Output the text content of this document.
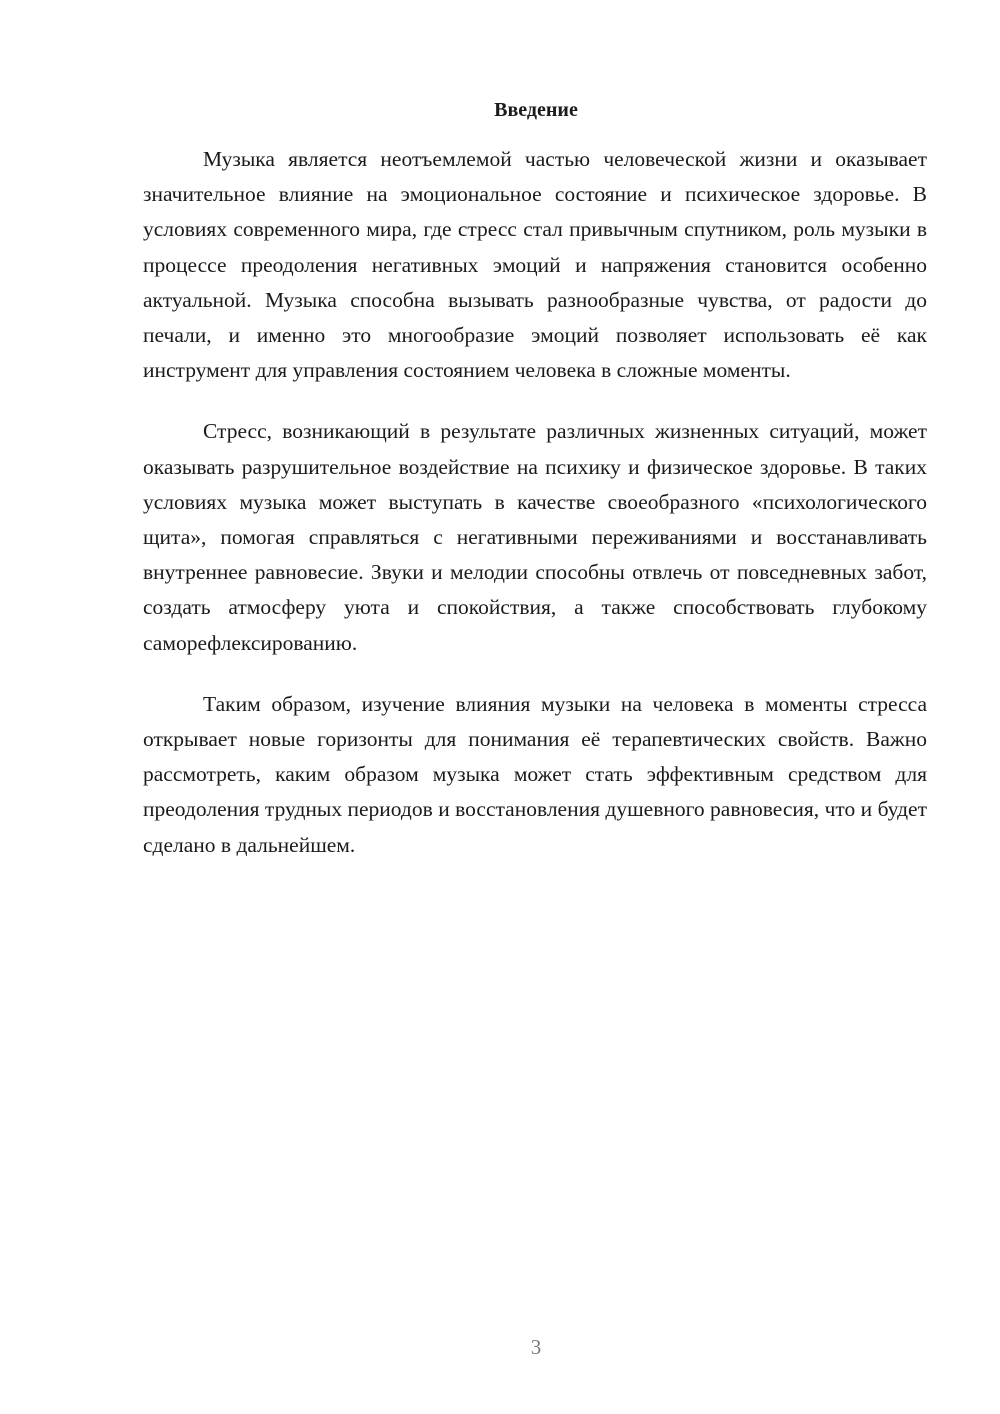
Введение

Музыка является неотъемлемой частью человеческой жизни и оказывает значительное влияние на эмоциональное состояние и психическое здоровье. В условиях современного мира, где стресс стал привычным спутником, роль музыки в процессе преодоления негативных эмоций и напряжения становится особенно актуальной. Музыка способна вызывать разнообразные чувства, от радости до печали, и именно это многообразие эмоций позволяет использовать её как инструмент для управления состоянием человека в сложные моменты.

Стресс, возникающий в результате различных жизненных ситуаций, может оказывать разрушительное воздействие на психику и физическое здоровье. В таких условиях музыка может выступать в качестве своеобразного «психологического щита», помогая справляться с негативными переживаниями и восстанавливать внутреннее равновесие. Звуки и мелодии способны отвлечь от повседневных забот, создать атмосферу уюта и спокойствия, а также способствовать глубокому саморефлексированию.

Таким образом, изучение влияния музыки на человека в моменты стресса открывает новые горизонты для понимания её терапевтических свойств. Важно рассмотреть, каким образом музыка может стать эффективным средством для преодоления трудных периодов и восстановления душевного равновесия, что и будет сделано в дальнейшем.

3
